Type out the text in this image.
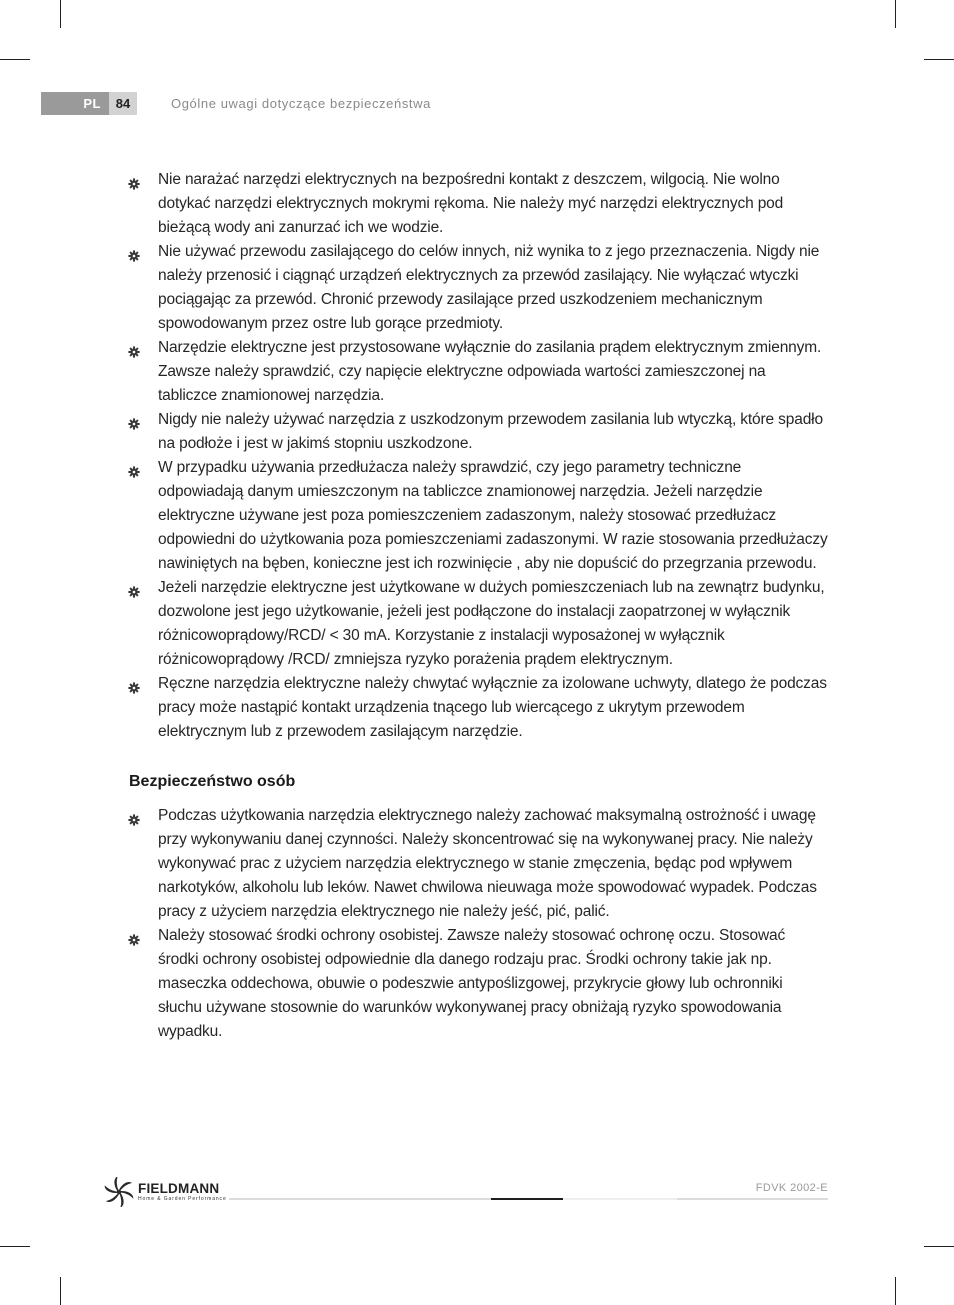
PL	84	Ogólne uwagi dotyczące bezpieczeństwa
Nie narażać narzędzi elektrycznych na bezpośredni kontakt z deszczem, wilgocią. Nie wolno dotykać narzędzi elektrycznych mokrymi rękoma. Nie należy myć narzędzi elektrycznych pod bieżącą wody ani zanurzać ich we wodzie.
Nie używać przewodu zasilającego do celów innych, niż wynika to z jego przeznaczenia. Nigdy nie należy przenosić i ciągnąć urządzeń elektrycznych za przewód zasilający. Nie wyłączać wtyczki pociągając za przewód. Chronić przewody zasilające przed uszkodzeniem mechanicznym spowodowanym przez ostre lub gorące przedmioty.
Narzędzie elektryczne jest przystosowane wyłącznie do zasilania prądem elektrycznym zmiennym. Zawsze należy sprawdzić, czy napięcie elektryczne odpowiada wartości zamieszczonej na tabliczce znamionowej narzędzia.
Nigdy nie należy używać narzędzia z uszkodzonym przewodem zasilania lub wtyczką, które spadło na podłoże i jest w jakimś stopniu uszkodzone.
W przypadku używania przedłużacza należy sprawdzić, czy jego parametry techniczne odpowiadają danym umieszczonym na tabliczce znamionowej narzędzia. Jeżeli narzędzie elektryczne używane jest poza pomieszczeniem zadaszonym, należy stosować przedłużacz odpowiedni do użytkowania poza pomieszczeniami zadaszonymi. W razie stosowania przedłużaczy nawiniętych na bęben, konieczne jest ich rozwinięcie , aby nie dopuścić do przegrzania przewodu.
Jeżeli narzędzie elektryczne jest użytkowane w dużych pomieszczeniach lub na zewnątrz budynku, dozwolone jest jego użytkowanie, jeżeli jest podłączone do instalacji zaopatrzonej w wyłącznik różnicowoprądowy/RCD/ < 30 mA. Korzystanie z instalacji wyposażonej w wyłącznik różnicowoprądowy /RCD/ zmniejsza ryzyko porażenia prądem elektrycznym.
Ręczne narzędzia elektryczne należy chwytać wyłącznie za izolowane uchwyty, dlatego że podczas pracy może nastąpić kontakt urządzenia tnącego lub wiercącego z ukrytym przewodem elektrycznym lub z przewodem zasilającym narzędzie.
Bezpieczeństwo osób
Podczas użytkowania narzędzia elektrycznego należy zachować maksymalną ostrożność i uwagę przy wykonywaniu danej czynności. Należy skoncentrować się na wykonywanej pracy. Nie należy wykonywać prac z użyciem narzędzia elektrycznego w stanie zmęczenia, będąc pod wpływem narkotyków, alkoholu lub leków. Nawet chwilowa nieuwaga może spowodować wypadek. Podczas pracy z użyciem narzędzia elektrycznego nie należy jeść, pić, palić.
Należy stosować środki ochrony osobistej. Zawsze należy stosować ochronę oczu. Stosować środki ochrony osobistej odpowiednie dla danego rodzaju prac. Środki ochrony takie jak np. maseczka oddechowa, obuwie o podeszwie antypoślizgowej, przykrycie głowy lub ochronniki słuchu używane stosownie do warunków wykonywanej pracy obniżają ryzyko spowodowania wypadku.
FIELDMANN
Home & Garden Performance
FDVK 2002-E
